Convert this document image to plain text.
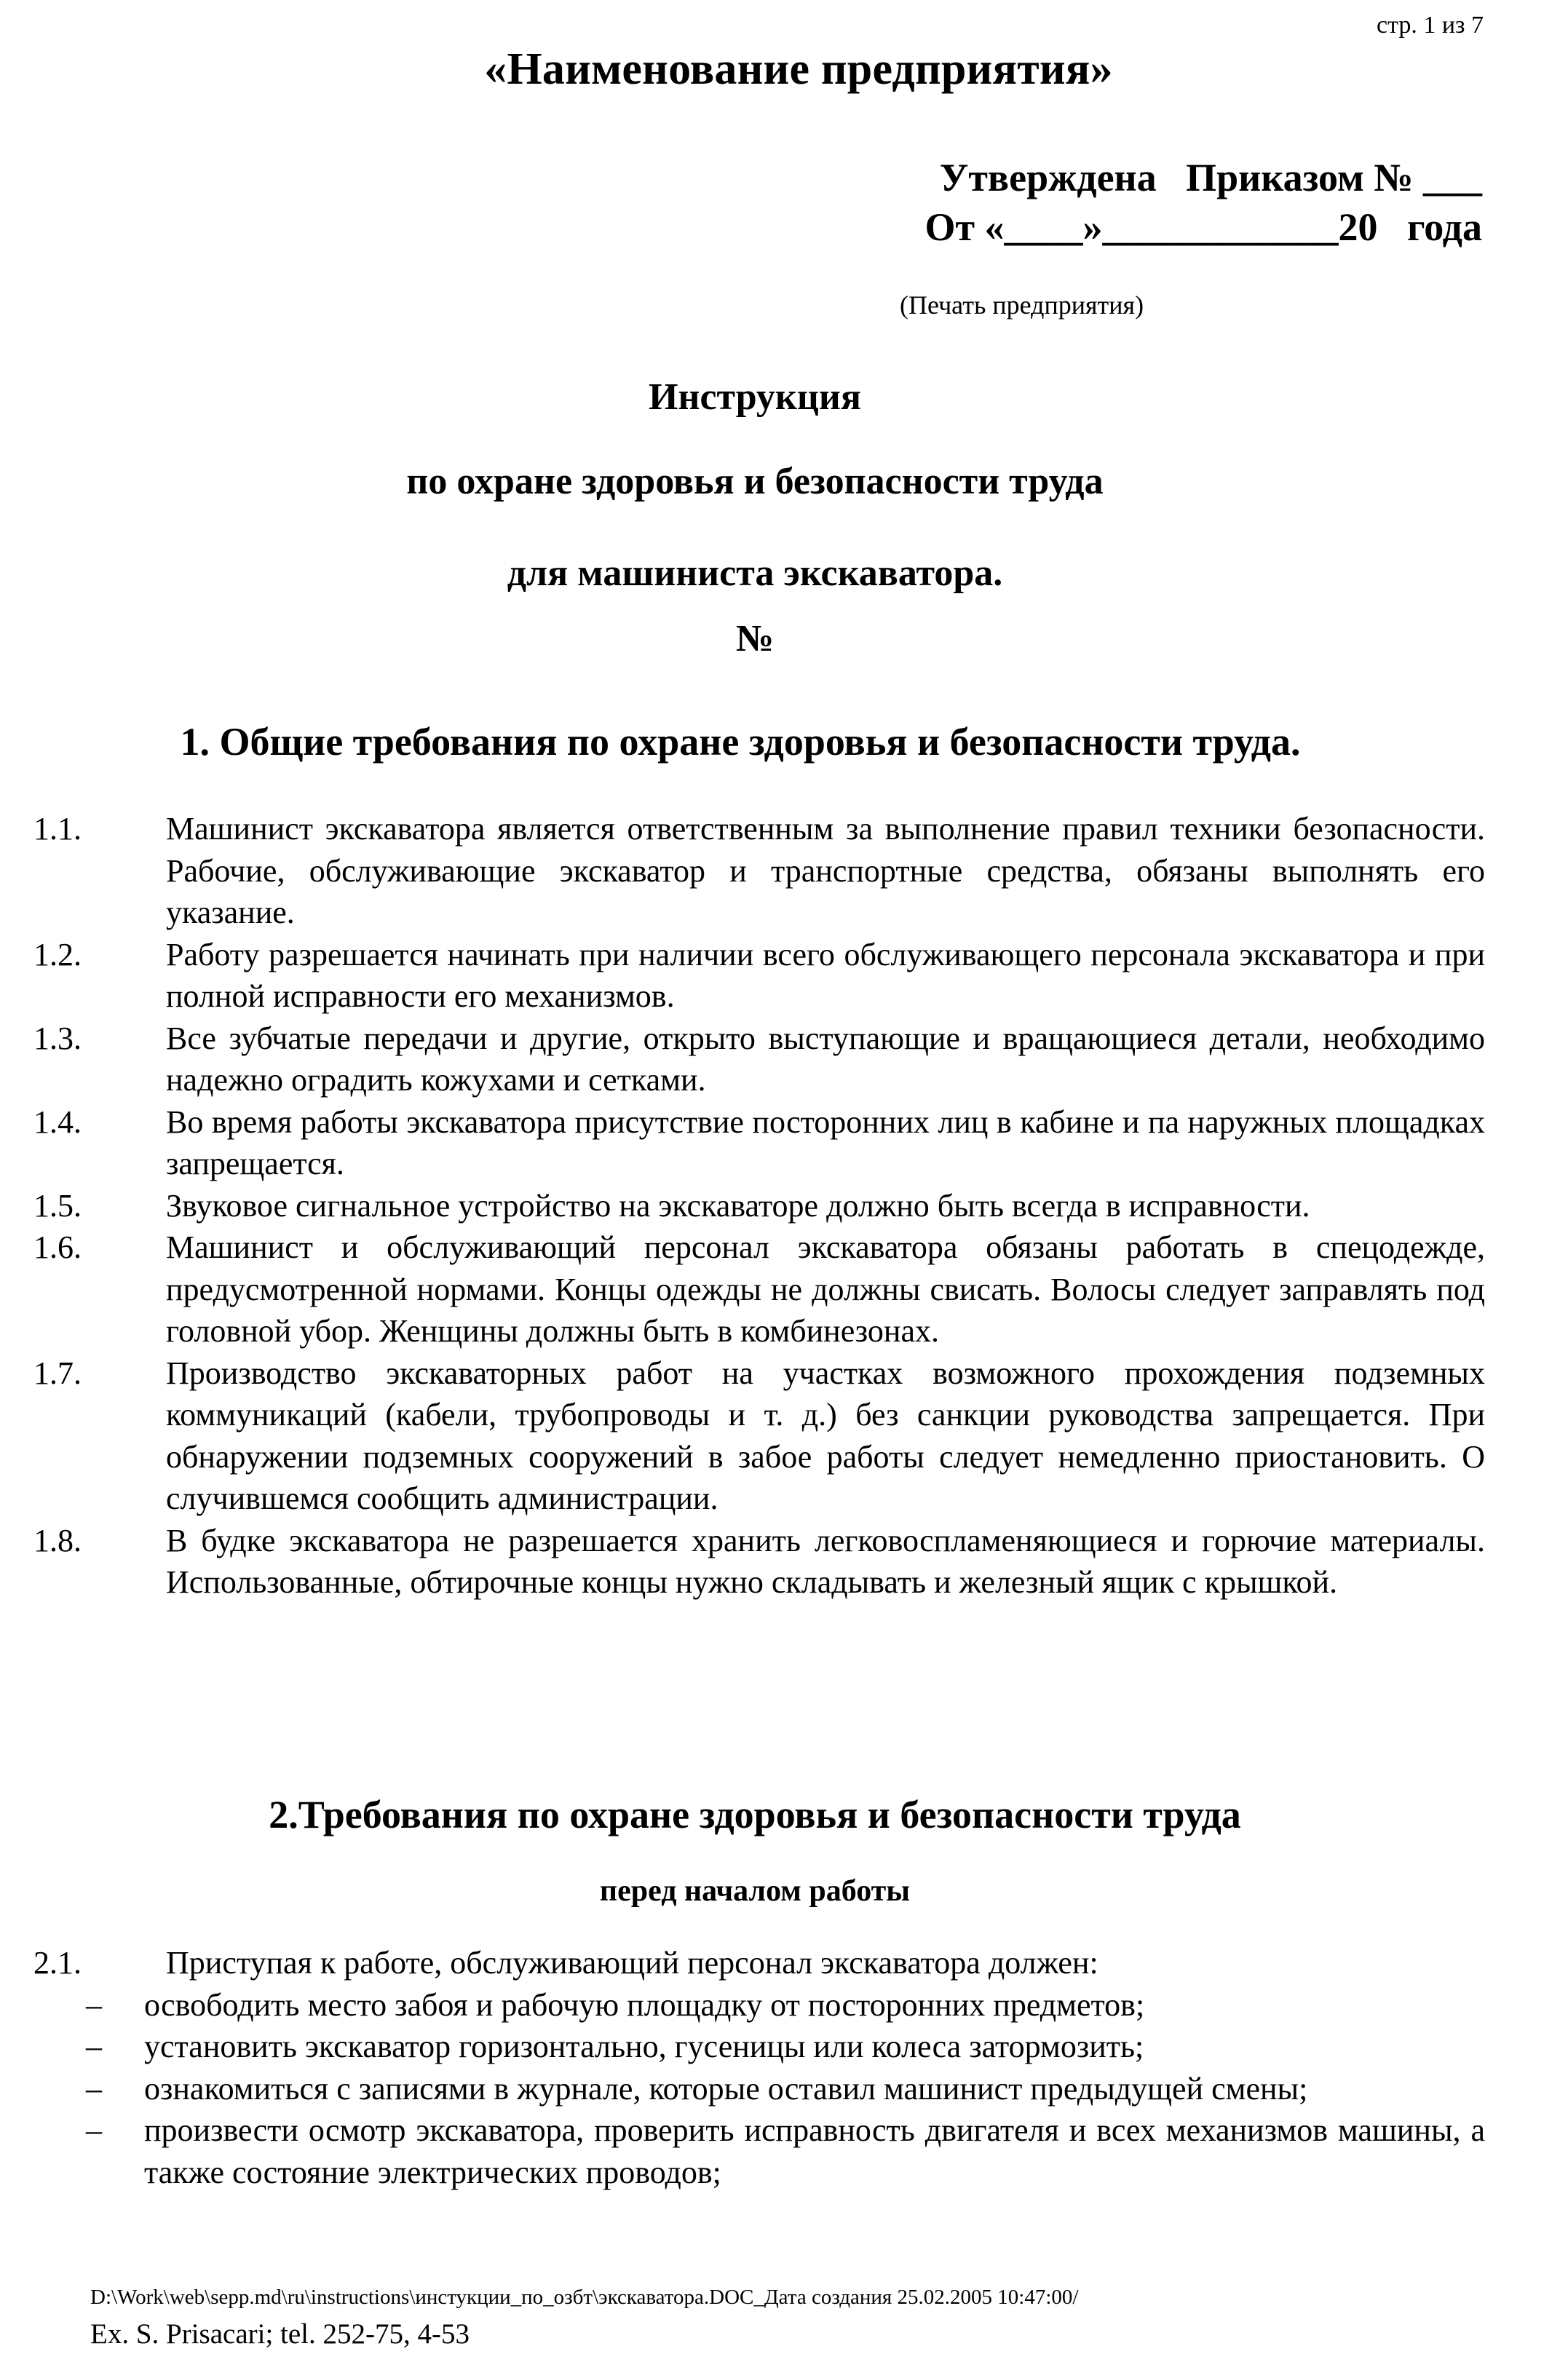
стр. 1 из 7
«Наименование предприятия»
Утверждена   Приказом № ___
От «____»____________20   года
(Печать предприятия)
Инструкция
по охране здоровья и безопасности труда
для машиниста экскаватора.
№
1. Общие требования по охране здоровья и безопасности труда.
1.1.	Машинист экскаватора является ответственным за выполнение правил техники безопасности. Рабочие, обслуживающие экскаватор и транспортные средства, обязаны выполнять его указание.
1.2.	Работу разрешается начинать при наличии всего обслуживающего персонала экскаватора и при полной исправности его механизмов.
1.3.	Все зубчатые передачи и другие, открыто выступающие и вращающиеся детали, необходимо надежно оградить кожухами и сетками.
1.4.	Во время работы экскаватора присутствие посторонних лиц в кабине и па наружных площадках запрещается.
1.5.	Звуковое сигнальное устройство на экскаваторе должно быть всегда в исправности.
1.6.	Машинист и обслуживающий персонал экскаватора обязаны работать в спецодежде, предусмотренной нормами. Концы одежды не должны свисать. Волосы следует заправлять под головной убор. Женщины должны быть в комбинезонах.
1.7.	Производство экскаваторных работ на участках возможного прохождения подземных коммуникаций (кабели, трубопроводы и т. д.) без санкции руководства запрещается. При обнаружении подземных сооружений в забое работы следует немедленно приостановить. О случившемся сообщить администрации.
1.8.	В будке экскаватора не разрешается хранить легковоспламеняющиеся и горючие материалы. Использованные, обтирочные концы нужно складывать и железный ящик с крышкой.
2.Требования по охране здоровья и безопасности труда
перед началом работы
2.1.	Приступая к работе, обслуживающий персонал экскаватора должен:
–	освободить место забоя и рабочую площадку от посторонних предметов;
–	установить экскаватор горизонтально, гусеницы или колеса затормозить;
–	ознакомиться с записями в журнале, которые оставил машинист предыдущей смены;
–	произвести осмотр экскаватора, проверить исправность двигателя и всех механизмов машины, а также состояние электрических проводов;
D:\Work\web\sepp.md\ru\instructions\инстукции_по_озбт\экскаватора.DOC_Дата создания 25.02.2005 10:47:00/
Ex. S. Prisacari; tel. 252-75, 4-53
